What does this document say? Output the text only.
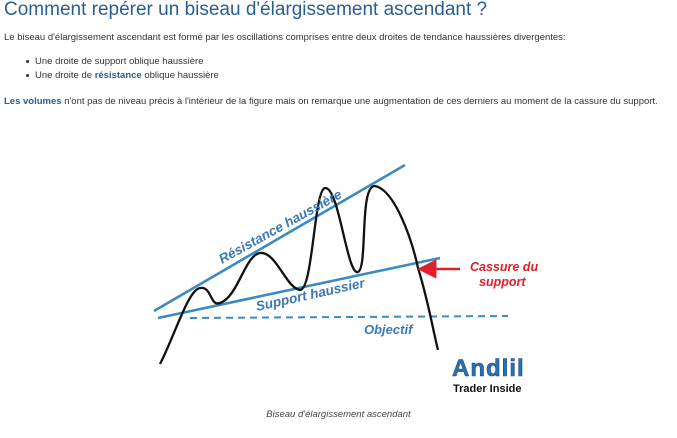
Comment repérer un biseau d'élargissement ascendant ?

Le biseau d'élargissement ascendant est formé par les oscillations comprises entre deux droites de tendance haussières divergentes:

Une droite de support oblique haussière
Une droite de résistance oblique haussière

Les volumes n'ont pas de niveau précis à l'intérieur de la figure mais on remarque une augmentation de ces derniers au moment de la cassure du support.

Résistance haussière
Support haussier
Objectif
Cassure du
support
Andlil
Trader Inside

Biseau d'élargissement ascendant
